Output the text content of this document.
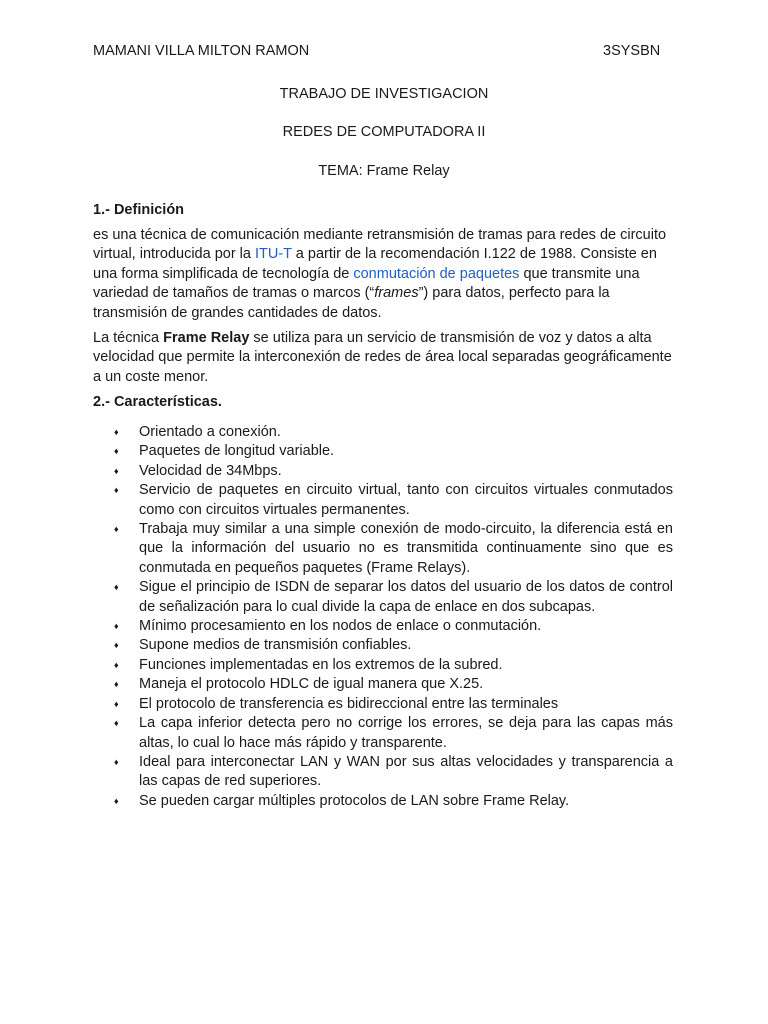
MAMANI VILLA MILTON RAMON	3SYSBN
TRABAJO DE INVESTIGACION
REDES DE COMPUTADORA II
TEMA: Frame Relay
1.- Definición
es una técnica de comunicación mediante retransmisión de tramas para redes de circuito virtual, introducida por la ITU-T a partir de la recomendación I.122 de 1988. Consiste en una forma simplificada de tecnología de conmutación de paquetes que transmite una variedad de tamaños de tramas o marcos (“frames”) para datos, perfecto para la transmisión de grandes cantidades de datos.
La técnica Frame Relay se utiliza para un servicio de transmisión de voz y datos a alta velocidad que permite la interconexión de redes de área local separadas geográficamente a un coste menor.
2.- Características.
♦ Orientado a conexión.
♦ Paquetes de longitud variable.
♦ Velocidad de 34Mbps.
♦ Servicio de paquetes en circuito virtual, tanto con circuitos virtuales conmutados como con circuitos virtuales permanentes.
♦ Trabaja muy similar a una simple conexión de modo-circuito, la diferencia está en que la información del usuario no es transmitida continuamente sino que es conmutada en pequeños paquetes (Frame Relays).
♦ Sigue el principio de ISDN de separar los datos del usuario de los datos de control de señalización para lo cual divide la capa de enlace en dos subcapas.
♦ Mínimo procesamiento en los nodos de enlace o conmutación.
♦ Supone medios de transmisión confiables.
♦ Funciones implementadas en los extremos de la subred.
♦ Maneja el protocolo HDLC de igual manera que X.25.
♦ El protocolo de transferencia es bidireccional entre las terminales
♦ La capa inferior detecta pero no corrige los errores, se deja para las capas más altas, lo cual lo hace más rápido y transparente.
♦ Ideal para interconectar LAN y WAN por sus altas velocidades y transparencia a las capas de red superiores.
♦ Se pueden cargar múltiples protocolos de LAN sobre Frame Relay.
